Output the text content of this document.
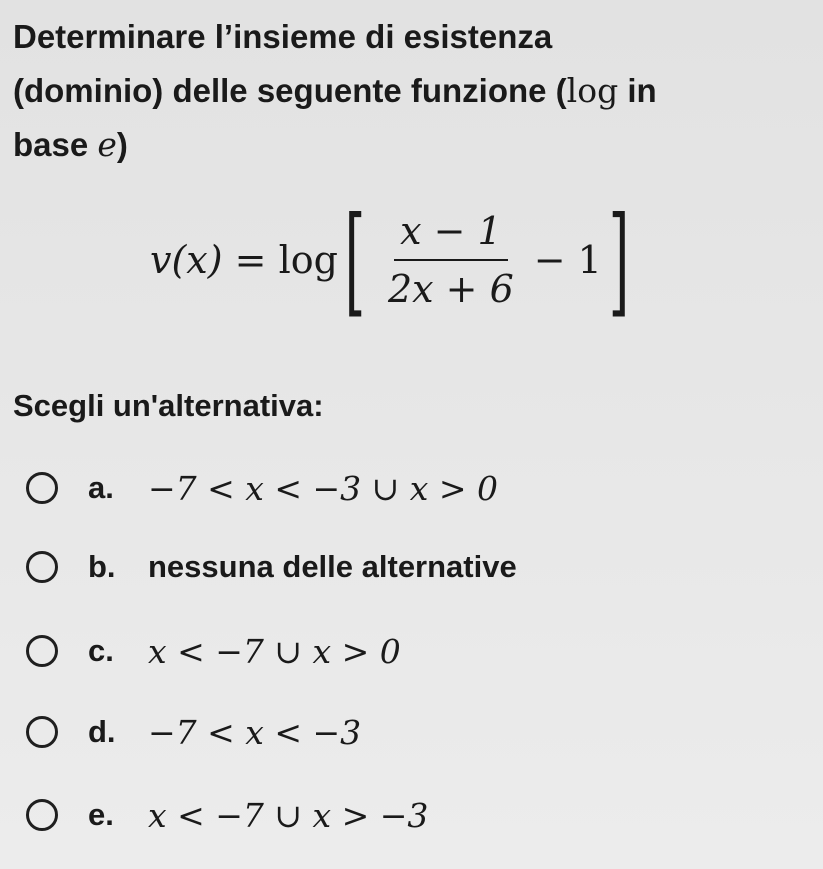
Determinare l’insieme di esistenza
(dominio) delle seguente funzione (log in
base e)
v(x) = log [ $\frac{x - 1}{2x + 6} - 1$ ]
Scegli un'alternativa:
a. −7 < x < −3 ∪ x > 0
b. nessuna delle alternative
c. x < −7 ∪ x > 0
d. −7 < x < −3
e. x < −7 ∪ x > −3
